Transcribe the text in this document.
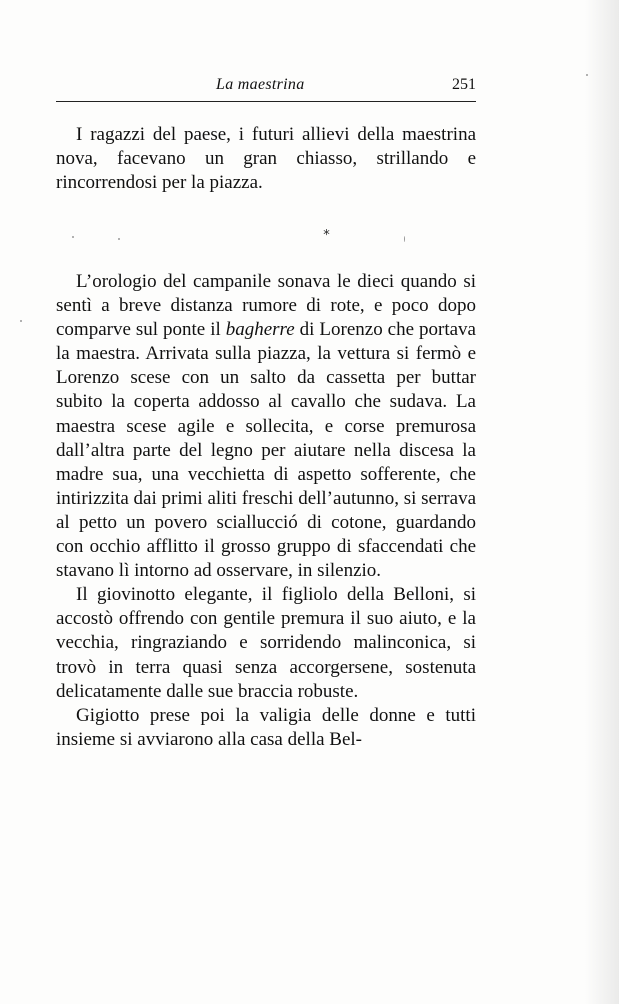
La maestrina	251

I ragazzi del paese, i futuri allievi della maestrina nova, facevano un gran chiasso, strillando e rincorrendosi per la piazza.

*

L’orologio del campanile sonava le dieci quando si sentì a breve distanza rumore di rote, e poco dopo comparve sul ponte il bagherre di Lorenzo che portava la maestra. Arrivata sulla piazza, la vettura si fermò e Lorenzo scese con un salto da cassetta per buttar subito la coperta addosso al cavallo che sudava. La maestra scese agile e sollecita, e corse premurosa dall’altra parte del legno per aiutare nella discesa la madre sua, una vecchietta di aspetto sofferente, che intirizzita dai primi aliti freschi dell’autunno, si serrava al petto un povero sciallucció di cotone, guardando con occhio afflitto il grosso gruppo di sfaccendati che stavano lì intorno ad osservare, in silenzio.

Il giovinotto elegante, il figliolo della Belloni, si accostò offrendo con gentile premura il suo aiuto, e la vecchia, ringraziando e sorridendo malinconica, si trovò in terra quasi senza accorgersene, sostenuta delicatamente dalle sue braccia robuste.

Gigiotto prese poi la valigia delle donne e tutti insieme si avviarono alla casa della Bel-
